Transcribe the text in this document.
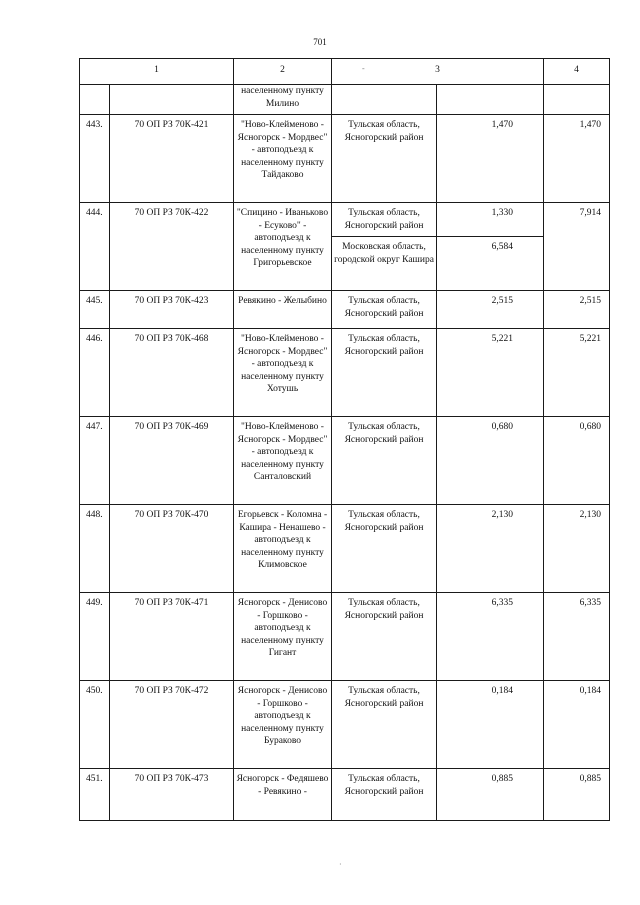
701
1		2	- 3		4
		населенному пункту Милино			
443.	70 ОП РЗ 70К-421	"Ново-Клейменово - Ясногорск - Мордвес" - автоподъезд к населенному пункту Тайдаково	Тульская область, Ясногорский район	1,470	1,470
444.	70 ОП РЗ 70К-422	"Спицино - Иваньково - Есуково" - автоподъезд к населенному пункту Григорьевское	Тульская область, Ясногорский район	1,330	7,914
			Московская область, городской округ Кашира	6,584	
445.	70 ОП РЗ 70К-423	Ревякино - Желыбино	Тульская область, Ясногорский район	2,515	2,515
446.	70 ОП РЗ 70К-468	"Ново-Клейменово - Ясногорск - Мордвес" - автоподъезд к населенному пункту Хотушь	Тульская область, Ясногорский район	5,221	5,221
447.	70 ОП РЗ 70К-469	"Ново-Клейменово - Ясногорск - Мордвес" - автоподъезд к населенному пункту Санталовский	Тульская область, Ясногорский район	0,680	0,680
448.	70 ОП РЗ 70К-470	Егорьевск - Коломна - Кашира - Ненашево - автоподъезд к населенному пункту Климовское	Тульская область, Ясногорский район	2,130	2,130
449.	70 ОП РЗ 70К-471	Ясногорск - Денисово - Горшково - автоподъезд к населенному пункту Гигант	Тульская область, Ясногорский район	6,335	6,335
450.	70 ОП РЗ 70К-472	Ясногорск - Денисово - Горшково - автоподъезд к населенному пункту Бураково	Тульская область, Ясногорский район	0,184	0,184
451.	70 ОП РЗ 70К-473	Ясногорск - Федяшево - Ревякино -	Тульская область, Ясногорский район	0,885	0,885
·
